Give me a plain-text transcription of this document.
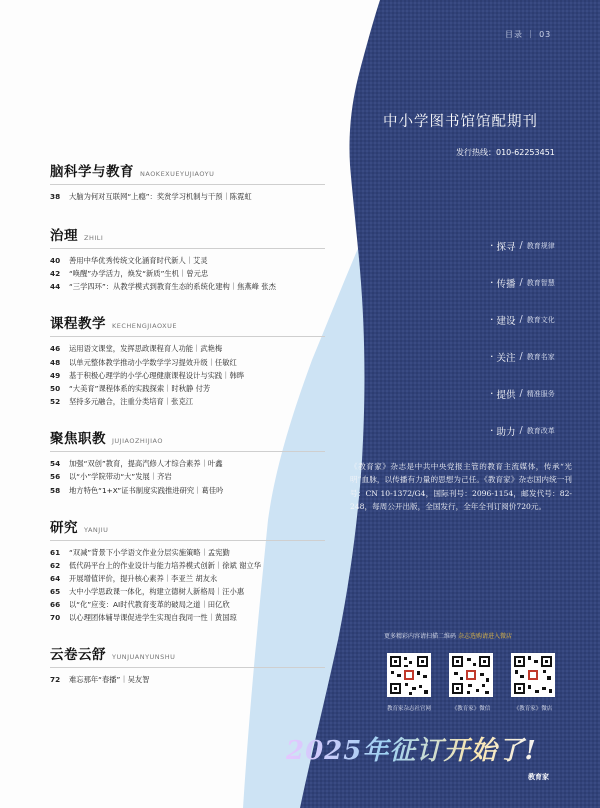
目录 ｜ 03
中小学图书馆馆配期刊
发行热线：010-62253451
· 探寻 / 教育规律
· 传播 / 教育智慧
· 建设 / 教育文化
· 关注 / 教育名家
· 提供 / 精准服务
· 助力 / 教育改革
《教育家》杂志是中共中央党报主管的教育主流媒体，传承“光明”血脉，以传播有力量的思想为己任。《教育家》杂志国内统一刊号：CN 10-1372/G4，国际刊号：2096-1154，邮发代号：82-248，每周公开出版，全国发行，全年全刊订阅价720元。
更多精彩内容请扫描二维码 杂志选购请进入微店
教育家杂志社官网	《教育家》微信	《教育家》微店
2025年征订开始了!
教育家
脑科学与教育 NAOKEXUEYUJIAOYU
38	大脑为何对互联网“上瘾”：奖赏学习机制与干预｜陈霓虹
治理 ZHILI
40	善用中华优秀传统文化涵育时代新人｜艾灵
42	“唤醒”办学活力，焕发“新质”生机｜曾元忠
44	“三学四环”：从教学模式到教育生态的系统化建构｜焦燕峰 张杰
课程教学 KECHENGJIAOXUE
46	运用语文课堂，发挥思政课程育人功能｜武艳梅
48	以单元整体教学推动小学数学学习提效升级｜任敏红
49	基于积极心理学的小学心理健康课程设计与实践｜韩晔
50	“大美育”课程体系的实践探索｜时秋静 付芳
52	坚持多元融合，注重分类培育｜张克江
聚焦职教 JUJIAOZHIJIAO
54	加强“双创”教育，提高汽修人才综合素养｜叶鑫
56	以“小”学院带动“大”发展｜齐岩
58	地方特色“1+X”证书制度实践推进研究｜葛佳吟
研究 YANJIU
61	“双减”背景下小学语文作业分层实施策略｜孟宪勤
62	低代码平台上的作业设计与能力培养模式创新｜徐斌 谢立华
64	开展增值评价，提升核心素养｜李亚兰 胡友永
65	大中小学思政课一体化，构建立德树人新格局｜汪小惠
66	以“化”应变：AI时代教育变革的破局之道｜田亿欣
70	以心理团体辅导课促进学生实现自我同一性｜黄国琼
云卷云舒 YUNJUANYUNSHU
72	难忘那年“春播”｜吴友智
